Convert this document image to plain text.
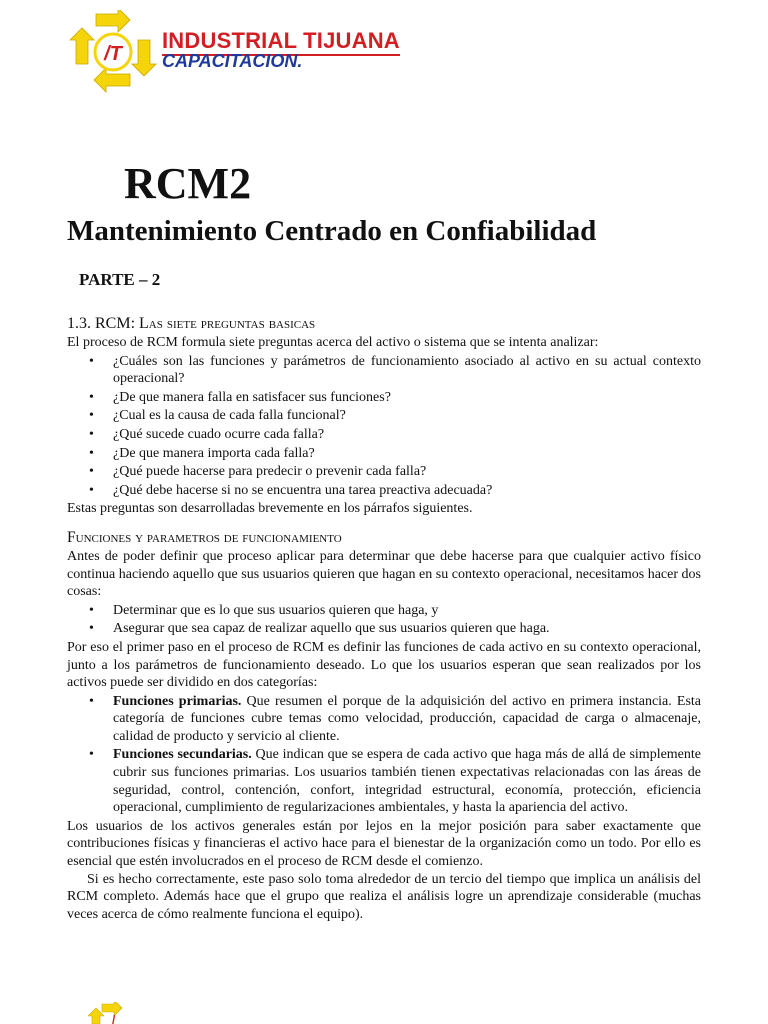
/T
INDUSTRIAL TIJUANA
CAPACITACION.
RCM2
Mantenimiento Centrado en Confiabilidad
PARTE – 2
1.3. RCM: Las siete preguntas basicas

El proceso de RCM formula siete preguntas acerca del activo o sistema que se intenta analizar:

• ¿Cuáles son las funciones y parámetros de funcionamiento asociado al activo en su actual contexto operacional?
• ¿De que manera falla en satisfacer sus funciones?
• ¿Cual es la causa de cada falla funcional?
• ¿Qué sucede cuado ocurre cada falla?
• ¿De que manera importa cada falla?
• ¿Qué puede hacerse para predecir o prevenir cada falla?
• ¿Qué debe hacerse si no se encuentra una tarea preactiva adecuada?

Estas preguntas son desarrolladas brevemente en los párrafos siguientes.

Funciones y parametros de funcionamiento

Antes de poder definir que proceso aplicar para determinar que debe hacerse para que cualquier activo físico continua haciendo aquello que sus usuarios quieren que hagan en su contexto operacional, necesitamos hacer dos cosas:

• Determinar que es lo que sus usuarios quieren que haga, y
• Asegurar que sea capaz de realizar aquello que sus usuarios quieren que haga.

Por eso el primer paso en el proceso de RCM es definir las funciones de cada activo en su contexto operacional, junto a los parámetros de funcionamiento deseado. Lo que los usuarios esperan que sean realizados por los activos puede ser dividido en dos categorías:

• Funciones primarias. Que resumen el porque de la adquisición del activo en primera instancia. Esta categoría de funciones cubre temas como velocidad, producción, capacidad de carga o almacenaje, calidad de producto y servicio al cliente.
• Funciones secundarias. Que indican que se espera de cada activo que haga más de allá de simplemente cubrir sus funciones primarias. Los usuarios también tienen expectativas relacionadas con las áreas de seguridad, control, contención, confort, integridad estructural, economía, protección, eficiencia operacional, cumplimiento de regularizaciones ambientales, y hasta la apariencia del activo.

Los usuarios de los activos generales están por lejos en la mejor posición para saber exactamente que contribuciones físicas y financieras el activo hace para el bienestar de la organización como un todo. Por ello es esencial que estén involucrados en el proceso de RCM desde el comienzo.

Si es hecho correctamente, este paso solo toma alrededor de un tercio del tiempo que implica un análisis del RCM completo. Además hace que el grupo que realiza el análisis logre un aprendizaje considerable (muchas veces acerca de cómo realmente funciona el equipo).

/
